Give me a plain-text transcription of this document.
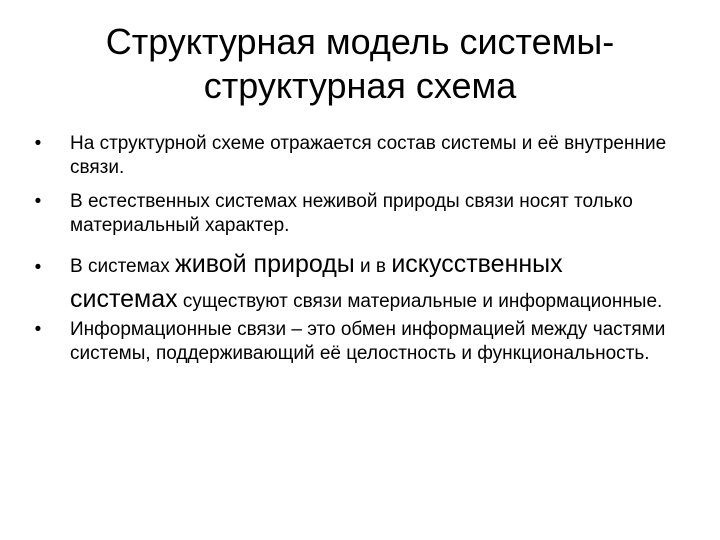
Структурная модель системы-
структурная схема
•	На структурной схеме отражается состав системы и её внутренние связи.
•	В естественных системах неживой природы связи носят только материальный характер.
•	В системах живой природы и в искусственных системах существуют связи материальные и информационные.
•	Информационные связи – это обмен информацией между частями системы, поддерживающий её целостность и функциональность.
